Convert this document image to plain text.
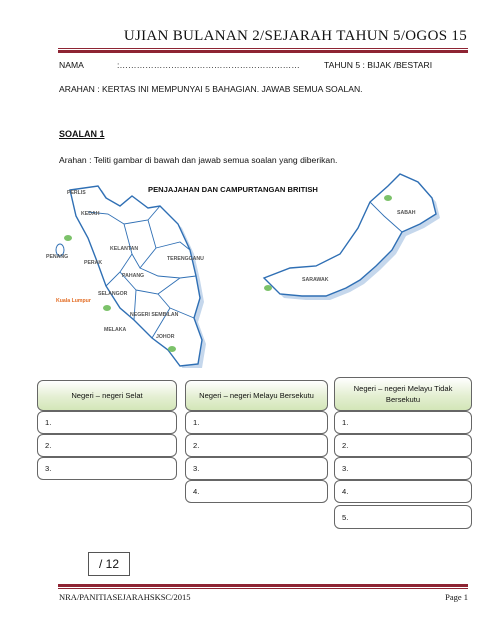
UJIAN BULANAN 2/SEJARAH TAHUN 5/OGOS 15
NAMA	:………………………………………………………	TAHUN 5 : BIJAK /BESTARI
ARAHAN : KERTAS INI MEMPUNYAI 5 BAHAGIAN. JAWAB SEMUA SOALAN.
SOALAN 1
Arahan : Teliti gambar di bawah dan jawab semua soalan yang diberikan.
PENJAJAHAN DAN CAMPURTANGAN BRITISH
PERLIS
KEDAH
PENANG
PERAK
KELANTAN
TERENGGANU
PAHANG
SELANGOR
Kuala Lumpur
NEGERI SEMBILAN
MELAKA
JOHOR
SABAH
SARAWAK
Negeri – negeri Selat
1.
2.
3.
Negeri – negeri Melayu Bersekutu
1.
2.
3.
4.
Negeri – negeri Melayu Tidak Bersekutu
1.
2.
3.
4.
5.
/ 12
NRA/PANITIASEJARAHSKSC/2015	Page 1
